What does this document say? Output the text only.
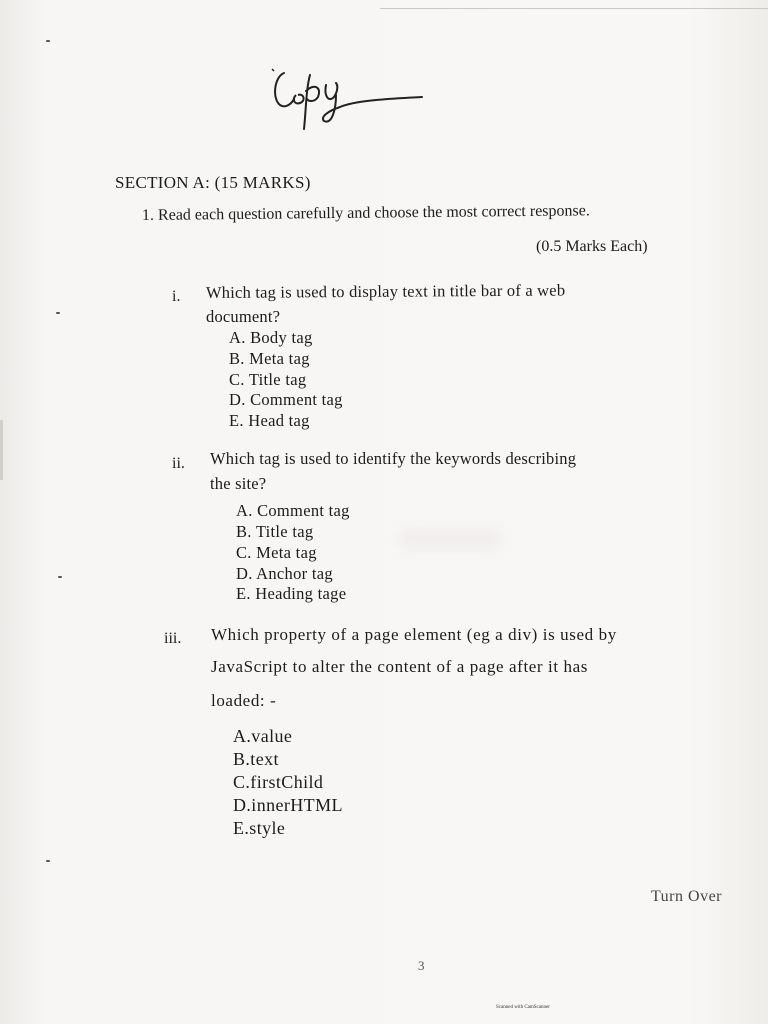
SECTION A: (15 MARKS)
1. Read each question carefully and choose the most correct response.
(0.5 Marks Each)
i. Which tag is used to display text in title bar of a web
document?
A. Body tag
B. Meta tag
C. Title tag
D. Comment tag
E. Head tag
ii. Which tag is used to identify the keywords describing
the site?
A. Comment tag
B. Title tag
C. Meta tag
D. Anchor tag
E. Heading tage
iii. Which property of a page element (eg a div) is used by
JavaScript to alter the content of a page after it has
loaded: -
A.value
B.text
C.firstChild
D.innerHTML
E.style
Turn Over
3
Scanned with CamScanner
